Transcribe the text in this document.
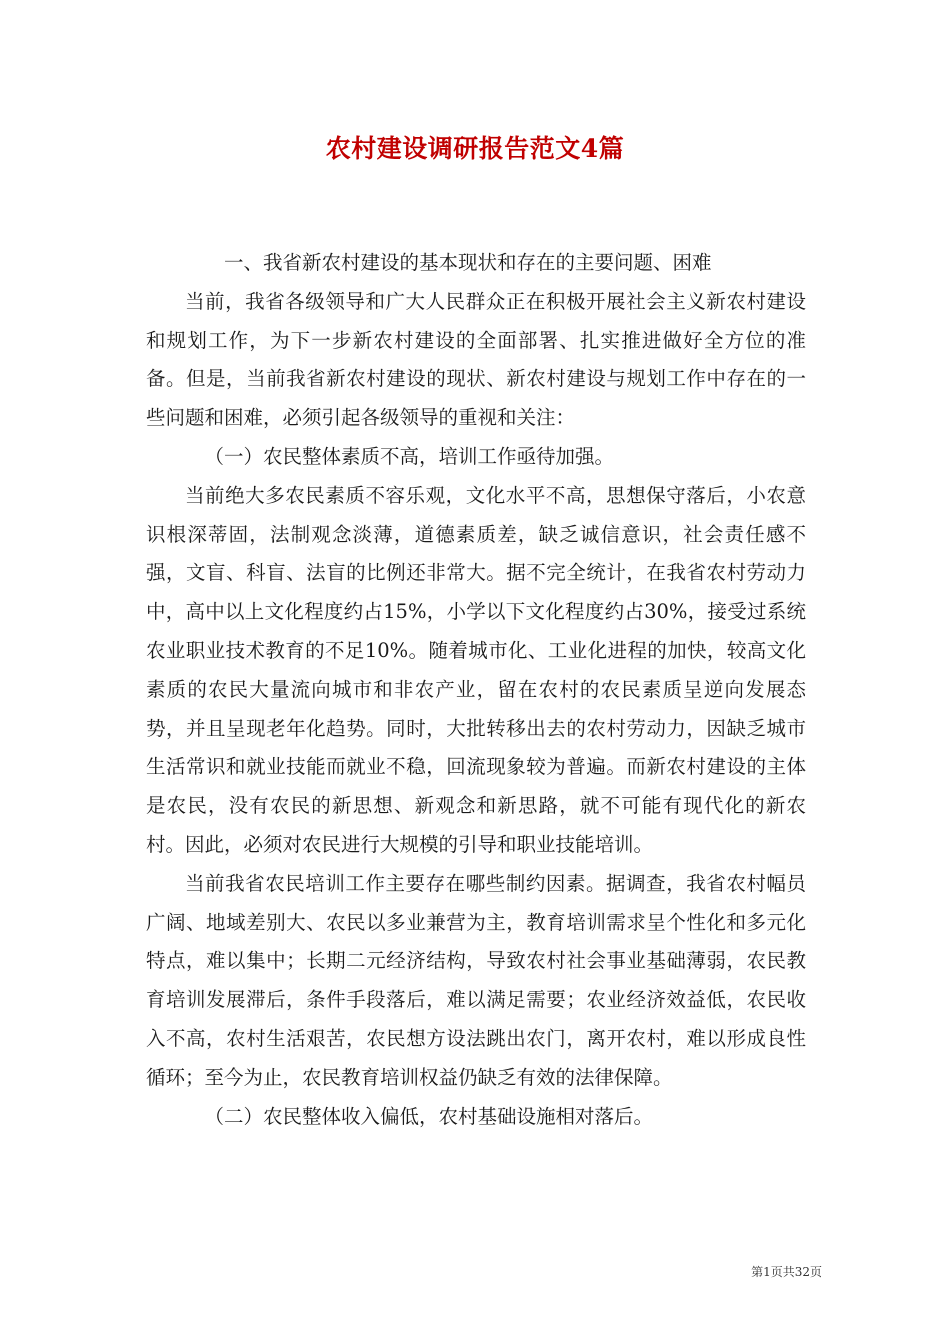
农村建设调研报告范文4篇

一、我省新农村建设的基本现状和存在的主要问题、困难

当前，我省各级领导和广大人民群众正在积极开展社会主义新农村建设和规划工作，为下一步新农村建设的全面部署、扎实推进做好全方位的准备。但是，当前我省新农村建设的现状、新农村建设与规划工作中存在的一些问题和困难，必须引起各级领导的重视和关注：

（一）农民整体素质不高，培训工作亟待加强。

当前绝大多农民素质不容乐观，文化水平不高，思想保守落后，小农意识根深蒂固，法制观念淡薄，道德素质差，缺乏诚信意识，社会责任感不强，文盲、科盲、法盲的比例还非常大。据不完全统计，在我省农村劳动力中，高中以上文化程度约占15%，小学以下文化程度约占30%，接受过系统农业职业技术教育的不足10%。随着城市化、工业化进程的加快，较高文化素质的农民大量流向城市和非农产业，留在农村的农民素质呈逆向发展态势，并且呈现老年化趋势。同时，大批转移出去的农村劳动力，因缺乏城市生活常识和就业技能而就业不稳，回流现象较为普遍。而新农村建设的主体是农民，没有农民的新思想、新观念和新思路，就不可能有现代化的新农村。因此，必须对农民进行大规模的引导和职业技能培训。

当前我省农民培训工作主要存在哪些制约因素。据调查，我省农村幅员广阔、地域差别大、农民以多业兼营为主，教育培训需求呈个性化和多元化特点，难以集中；长期二元经济结构，导致农村社会事业基础薄弱，农民教育培训发展滞后，条件手段落后，难以满足需要；农业经济效益低，农民收入不高，农村生活艰苦，农民想方设法跳出农门，离开农村，难以形成良性循环；至今为止，农民教育培训权益仍缺乏有效的法律保障。

（二）农民整体收入偏低，农村基础设施相对落后。

第1页共32页
